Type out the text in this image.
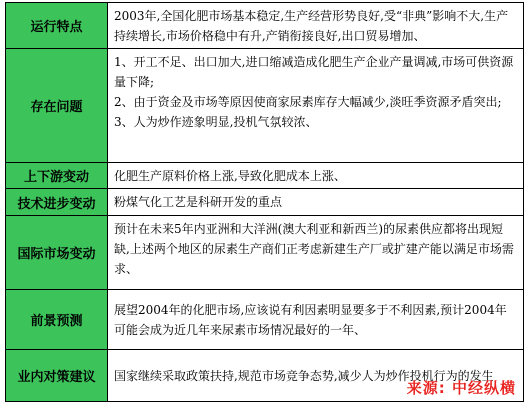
运行特点	2003年,全国化肥市场基本稳定,生产经营形势良好,受“非典”影响不大,生产持续增长,市场价格稳中有升,产销衔接良好,出口贸易增加、

存在问题	1、开工不足、出口加大,进口缩减造成化肥生产企业产量调减,市场可供资源量下降;
2、由于资金及市场等原因使商家尿素库存大幅减少,淡旺季资源矛盾突出;
3、人为炒作迹象明显,投机气氛较浓、

上下游变动	化肥生产原料价格上涨,导致化肥成本上涨、

技术进步变动	粉煤气化工艺是科研开发的重点

国际市场变动	预计在未来5年内亚洲和大洋洲(澳大利亚和新西兰)的尿素供应都将出现短缺,上述两个地区的尿素生产商们正考虑新建生产厂或扩建产能以满足市场需求、

前景预测	展望2004年的化肥市场,应该说有利因素明显要多于不利因素,预计2004年可能会成为近几年来尿素市场情况最好的一年、

业内对策建议	国家继续采取政策扶持,规范市场竞争态势,减少人为炒作投机行为的发生
来源: 中经纵横
